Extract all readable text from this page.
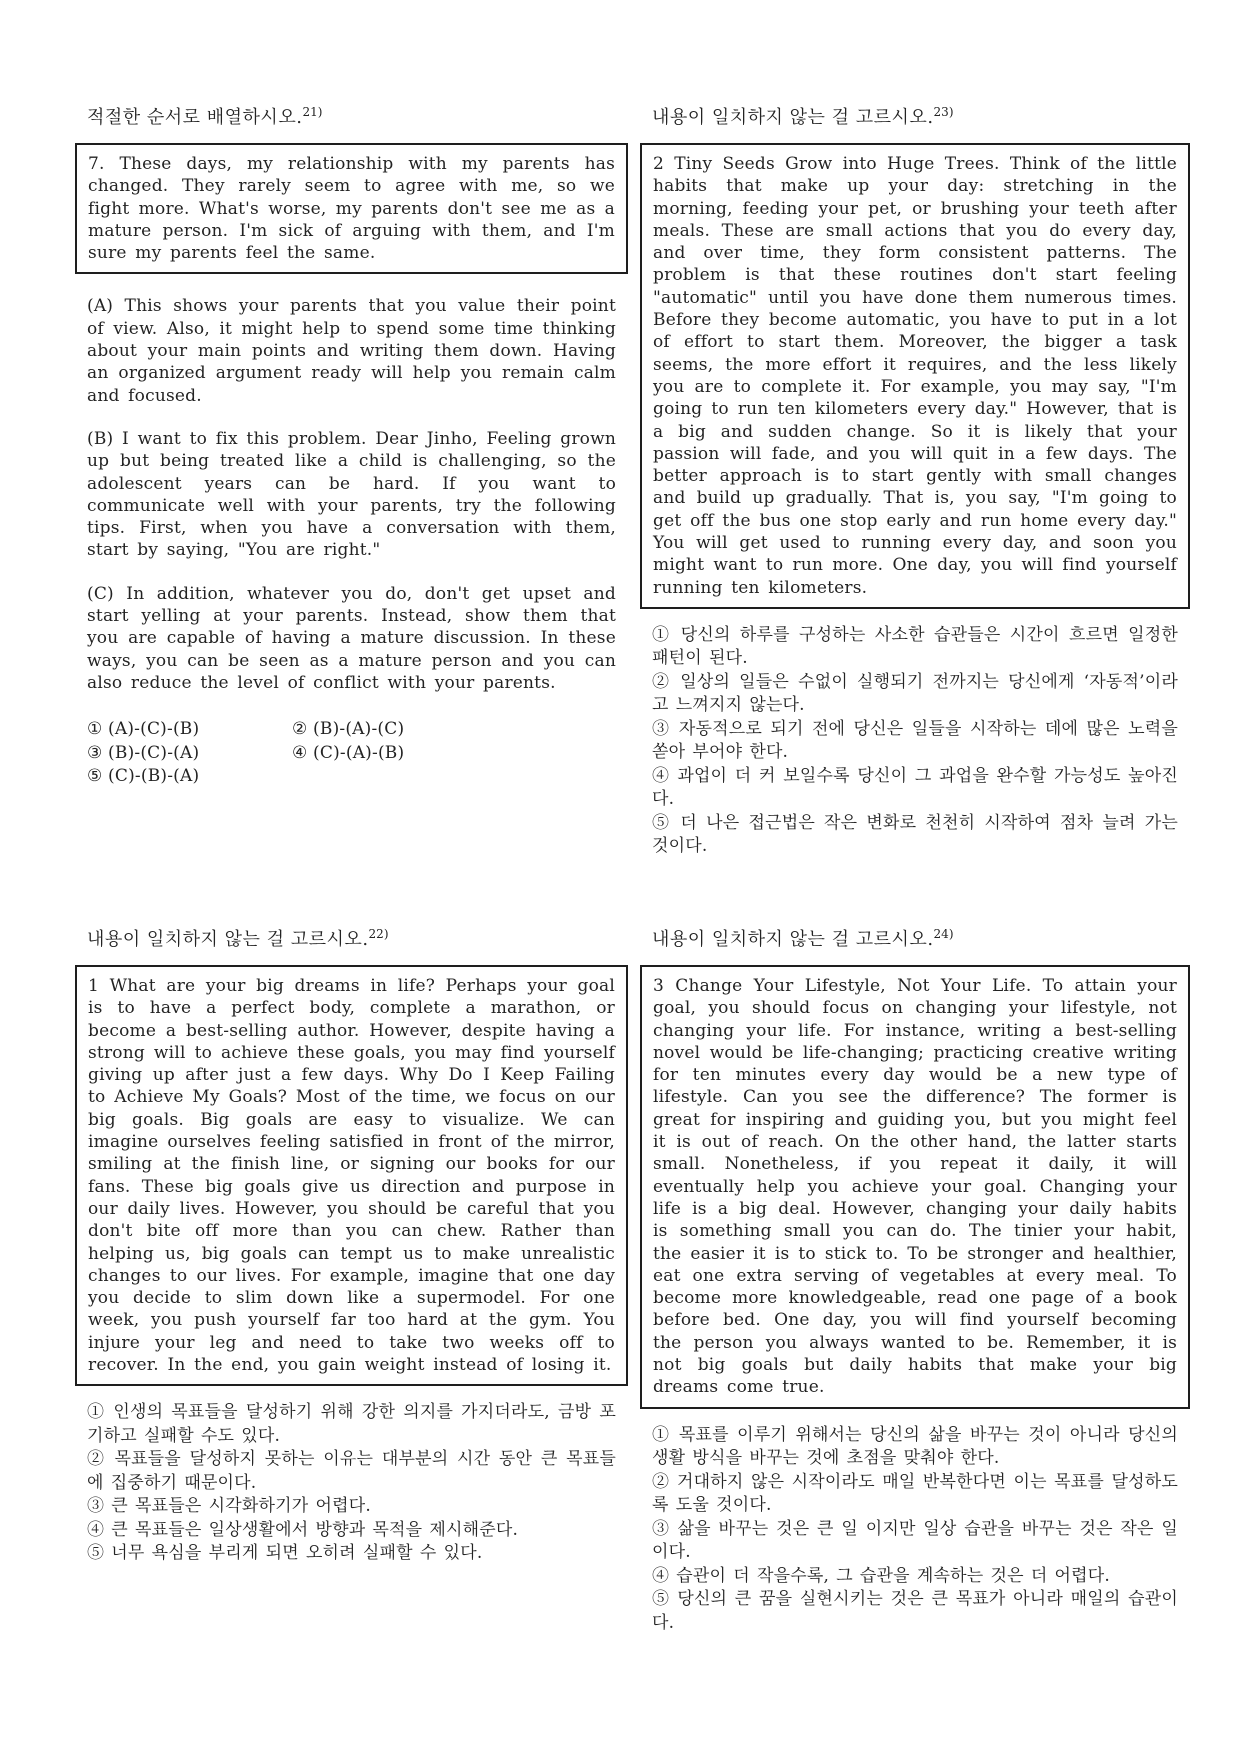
적절한 순서로 배열하시오.$^{21)}$

7. These days, my relationship with my parents has changed. They rarely seem to agree with me, so we fight more. What's worse, my parents don't see me as a mature person. I'm sick of arguing with them, and I'm sure my parents feel the same.

(A) This shows your parents that you value their point of view. Also, it might help to spend some time thinking about your main points and writing them down. Having an organized argument ready will help you remain calm and focused.

(B) I want to fix this problem. Dear Jinho, Feeling grown up but being treated like a child is challenging, so the adolescent years can be hard. If you want to communicate well with your parents, try the following tips. First, when you have a conversation with them, start by saying, "You are right."

(C) In addition, whatever you do, don't get upset and start yelling at your parents. Instead, show them that you are capable of having a mature discussion. In these ways, you can be seen as a mature person and you can also reduce the level of conflict with your parents.

① (A)-(C)-(B)	② (B)-(A)-(C)
③ (B)-(C)-(A)	④ (C)-(A)-(B)
⑤ (C)-(B)-(A)
내용이 일치하지 않는 걸 고르시오.$^{22)}$

1 What are your big dreams in life? Perhaps your goal is to have a perfect body, complete a marathon, or become a best-selling author. However, despite having a strong will to achieve these goals, you may find yourself giving up after just a few days. Why Do I Keep Failing to Achieve My Goals? Most of the time, we focus on our big goals. Big goals are easy to visualize. We can imagine ourselves feeling satisfied in front of the mirror, smiling at the finish line, or signing our books for our fans. These big goals give us direction and purpose in our daily lives. However, you should be careful that you don't bite off more than you can chew. Rather than helping us, big goals can tempt us to make unrealistic changes to our lives. For example, imagine that one day you decide to slim down like a supermodel. For one week, you push yourself far too hard at the gym. You injure your leg and need to take two weeks off to recover. In the end, you gain weight instead of losing it.

① 인생의 목표들을 달성하기 위해 강한 의지를 가지더라도, 금방 포기하고 실패할 수도 있다.

② 목표들을 달성하지 못하는 이유는 대부분의 시간 동안 큰 목표들에 집중하기 때문이다.

③ 큰 목표들은 시각화하기가 어렵다.

④ 큰 목표들은 일상생활에서 방향과 목적을 제시해준다.

⑤ 너무 욕심을 부리게 되면 오히려 실패할 수 있다.

내용이 일치하지 않는 걸 고르시오.$^{23)}$

2 Tiny Seeds Grow into Huge Trees. Think of the little habits that make up your day: stretching in the morning, feeding your pet, or brushing your teeth after meals. These are small actions that you do every day, and over time, they form consistent patterns. The problem is that these routines don't start feeling "automatic" until you have done them numerous times. Before they become automatic, you have to put in a lot of effort to start them. Moreover, the bigger a task seems, the more effort it requires, and the less likely you are to complete it. For example, you may say, "I'm going to run ten kilometers every day." However, that is a big and sudden change. So it is likely that your passion will fade, and you will quit in a few days. The better approach is to start gently with small changes and build up gradually. That is, you say, "I'm going to get off the bus one stop early and run home every day." You will get used to running every day, and soon you might want to run more. One day, you will find yourself running ten kilometers.

① 당신의 하루를 구성하는 사소한 습관들은 시간이 흐르면 일정한 패턴이 된다.

② 일상의 일들은 수없이 실행되기 전까지는 당신에게 ‘자동적’이라고 느껴지지 않는다.

③ 자동적으로 되기 전에 당신은 일들을 시작하는 데에 많은 노력을 쏟아 부어야 한다.

④ 과업이 더 커 보일수록 당신이 그 과업을 완수할 가능성도 높아진다.

⑤ 더 나은 접근법은 작은 변화로 천천히 시작하여 점차 늘려 가는 것이다.

내용이 일치하지 않는 걸 고르시오.$^{24)}$

3 Change Your Lifestyle, Not Your Life. To attain your goal, you should focus on changing your lifestyle, not changing your life. For instance, writing a best-selling novel would be life-changing; practicing creative writing for ten minutes every day would be a new type of lifestyle. Can you see the difference? The former is great for inspiring and guiding you, but you might feel it is out of reach. On the other hand, the latter starts small. Nonetheless, if you repeat it daily, it will eventually help you achieve your goal. Changing your life is a big deal. However, changing your daily habits is something small you can do. The tinier your habit, the easier it is to stick to. To be stronger and healthier, eat one extra serving of vegetables at every meal. To become more knowledgeable, read one page of a book before bed. One day, you will find yourself becoming the person you always wanted to be. Remember, it is not big goals but daily habits that make your big dreams come true.

① 목표를 이루기 위해서는 당신의 삶을 바꾸는 것이 아니라 당신의 생활 방식을 바꾸는 것에 초점을 맞춰야 한다.

② 거대하지 않은 시작이라도 매일 반복한다면 이는 목표를 달성하도록 도울 것이다.

③ 삶을 바꾸는 것은 큰 일 이지만 일상 습관을 바꾸는 것은 작은 일이다.

④ 습관이 더 작을수록, 그 습관을 계속하는 것은 더 어렵다.

⑤ 당신의 큰 꿈을 실현시키는 것은 큰 목표가 아니라 매일의 습관이다.
